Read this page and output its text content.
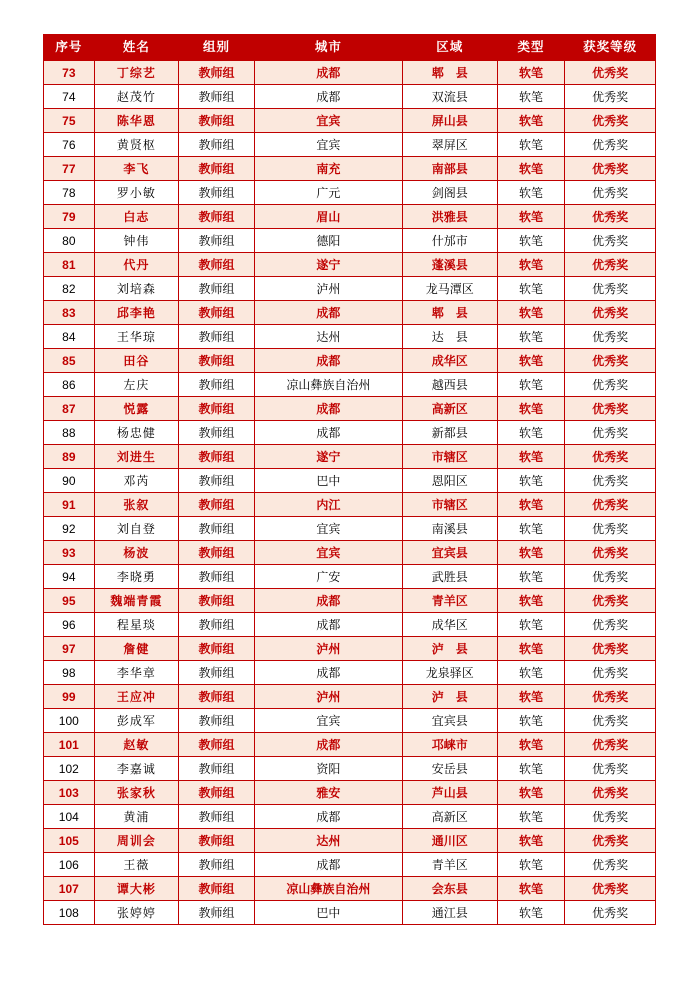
序号	姓名	组别	城市	区域	类型	获奖等级
73	丁综艺	教师组	成都	郫　县	软笔	优秀奖
74	赵茂竹	教师组	成都	双流县	软笔	优秀奖
75	陈华恩	教师组	宜宾	屏山县	软笔	优秀奖
76	黄贤枢	教师组	宜宾	翠屏区	软笔	优秀奖
77	李飞	教师组	南充	南部县	软笔	优秀奖
78	罗小敏	教师组	广元	剑阁县	软笔	优秀奖
79	白志	教师组	眉山	洪雅县	软笔	优秀奖
80	钟伟	教师组	德阳	什邡市	软笔	优秀奖
81	代丹	教师组	遂宁	蓬溪县	软笔	优秀奖
82	刘培森	教师组	泸州	龙马潭区	软笔	优秀奖
83	邱李艳	教师组	成都	郫　县	软笔	优秀奖
84	王华琼	教师组	达州	达　县	软笔	优秀奖
85	田谷	教师组	成都	成华区	软笔	优秀奖
86	左庆	教师组	凉山彝族自治州	越西县	软笔	优秀奖
87	悦露	教师组	成都	高新区	软笔	优秀奖
88	杨忠健	教师组	成都	新都县	软笔	优秀奖
89	刘进生	教师组	遂宁	市辖区	软笔	优秀奖
90	邓芮	教师组	巴中	恩阳区	软笔	优秀奖
91	张叙	教师组	内江	市辖区	软笔	优秀奖
92	刘自登	教师组	宜宾	南溪县	软笔	优秀奖
93	杨波	教师组	宜宾	宜宾县	软笔	优秀奖
94	李晓勇	教师组	广安	武胜县	软笔	优秀奖
95	魏端青霞	教师组	成都	青羊区	软笔	优秀奖
96	程星琰	教师组	成都	成华区	软笔	优秀奖
97	詹健	教师组	泸州	泸　县	软笔	优秀奖
98	李华章	教师组	成都	龙泉驿区	软笔	优秀奖
99	王应冲	教师组	泸州	泸　县	软笔	优秀奖
100	彭成军	教师组	宜宾	宜宾县	软笔	优秀奖
101	赵敏	教师组	成都	邛崃市	软笔	优秀奖
102	李嘉诚	教师组	资阳	安岳县	软笔	优秀奖
103	张家秋	教师组	雅安	芦山县	软笔	优秀奖
104	黄浦	教师组	成都	高新区	软笔	优秀奖
105	周训会	教师组	达州	通川区	软笔	优秀奖
106	王薇	教师组	成都	青羊区	软笔	优秀奖
107	谭大彬	教师组	凉山彝族自治州	会东县	软笔	优秀奖
108	张婷婷	教师组	巴中	通江县	软笔	优秀奖
